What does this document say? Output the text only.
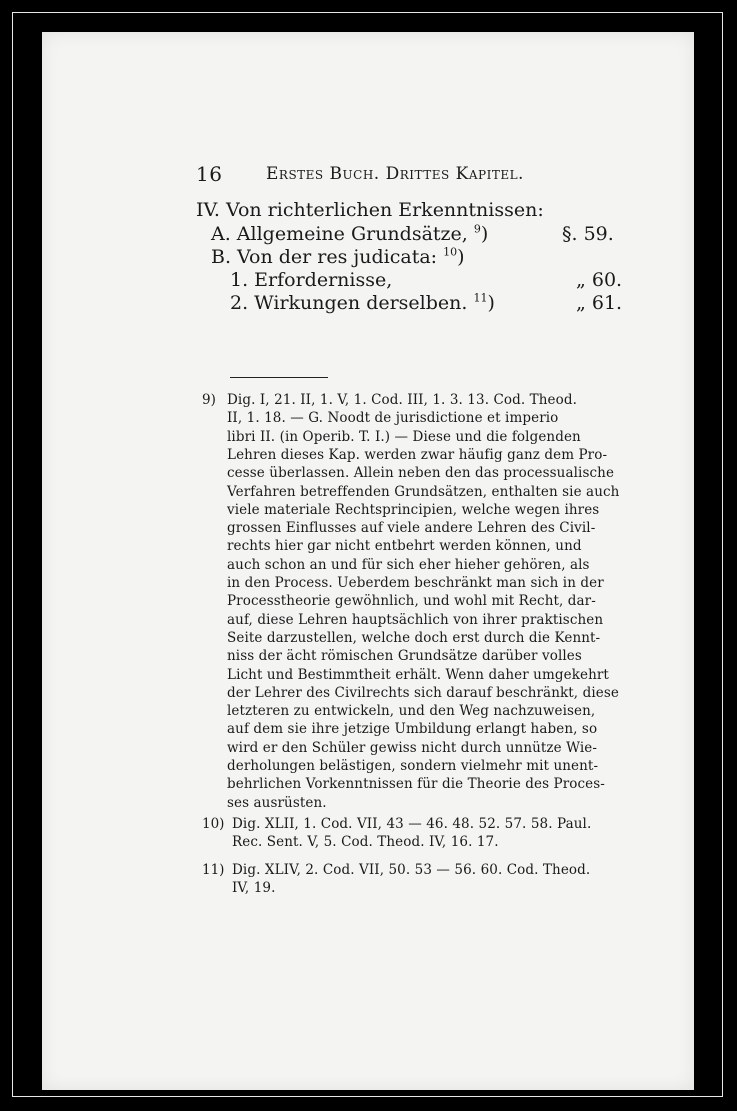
16	Erstes Buch. Drittes Kapitel.
IV. Von richterlichen Erkenntnissen:
A. Allgemeine Grundsätze, $^9$)	§. 59.
B. Von der res judicata: $^{10}$)
1. Erfordernisse,	„ 60.
2. Wirkungen derselben. $^{11}$)	„ 61.
9) Dig. I, 21. II, 1. V, 1. Cod. III, 1. 3. 13. Cod. Theod.
II, 1. 18. — G. Noodt de jurisdictione et imperio
libri II. (in Operib. T. I.) — Diese und die folgenden
Lehren dieses Kap. werden zwar häufig ganz dem Pro-
cesse überlassen. Allein neben den das processualische
Verfahren betreffenden Grundsätzen, enthalten sie auch
viele materiale Rechtsprincipien, welche wegen ihres
grossen Einflusses auf viele andere Lehren des Civil-
rechts hier gar nicht entbehrt werden können, und
auch schon an und für sich eher hieher gehören, als
in den Process. Ueberdem beschränkt man sich in der
Processtheorie gewöhnlich, und wohl mit Recht, dar-
auf, diese Lehren hauptsächlich von ihrer praktischen
Seite darzustellen, welche doch erst durch die Kennt-
niss der ächt römischen Grundsätze darüber volles
Licht und Bestimmtheit erhält. Wenn daher umgekehrt
der Lehrer des Civilrechts sich darauf beschränkt, diese
letzteren zu entwickeln, und den Weg nachzuweisen,
auf dem sie ihre jetzige Umbildung erlangt haben, so
wird er den Schüler gewiss nicht durch unnütze Wie-
derholungen belästigen, sondern vielmehr mit unent-
behrlichen Vorkenntnissen für die Theorie des Proces-
ses ausrüsten.
10) Dig. XLII, 1. Cod. VII, 43 — 46. 48. 52. 57. 58. Paul.
Rec. Sent. V, 5. Cod. Theod. IV, 16. 17.
11) Dig. XLIV, 2. Cod. VII, 50. 53 — 56. 60. Cod. Theod.
IV, 19.
